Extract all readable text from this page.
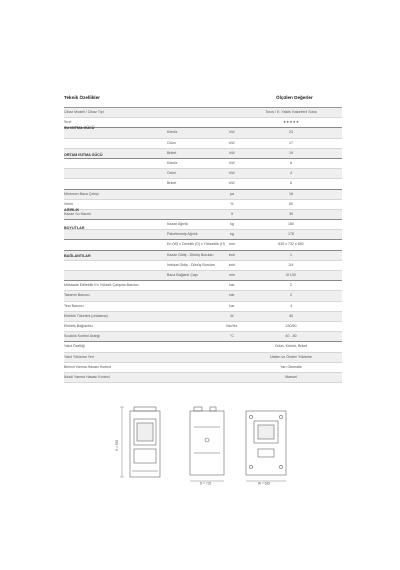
Teknik Özellikler	Ölçülen Değerler
Cihaz Modeli / Cihaz Tipi	Toros / K. Yakıtlı Kaloriferli Soba
Sınıf	★★★★★
Kömür	kW	23
Odun	kW	17
Briket	kW	19
Kömür	kW	6
Odun	kW	4
Briket	kW	6
Minimum Baca Çekişi	pa	18
Verim	%	80
Kazan Su Hacmi	lt	39
Kazan Ağırlık	kg	160
Paketlenmiş Ağırlık	kg	178
En (W) x Derinlik (D) x Yükseklik (H)	mm	639 x 732 x 892
Kazan Gidiş - Dönüş Boruları	inch	1
İmbisat Gidiş - Dönüş Boruları	inch	3/4
Baca Bağlantı Çapı	mm	Ø 130
Müsaade Edilebilir En Yüksek Çalışma Basıncı	bar	2
Tasarım Basıncı	bar	2
Test Basıncı	bar	4
Elektrik Tüketimi (ortalama)	W	45
Elektrik Bağlantısı	Vac/Hz.	230/50
Sıcaklık Kontrol Aralığı	°C	40 - 80
Yakıt Özelliği	Odun, Kömür, Briket
Yakıt Yükleme Yeri	Üstten ve Önden Yükleme
Birincil Yanma Havası Kontrol	Yarı Otomatik
İkincil Yanma Havası Kontrol	Manuel
SU ISITMA GÜCÜ
ORTAM ISITMA GÜCÜ
AĞIRLIK
BOYUTLAR
BAĞLANTILAR
H = 892
D = 732	W = 639
